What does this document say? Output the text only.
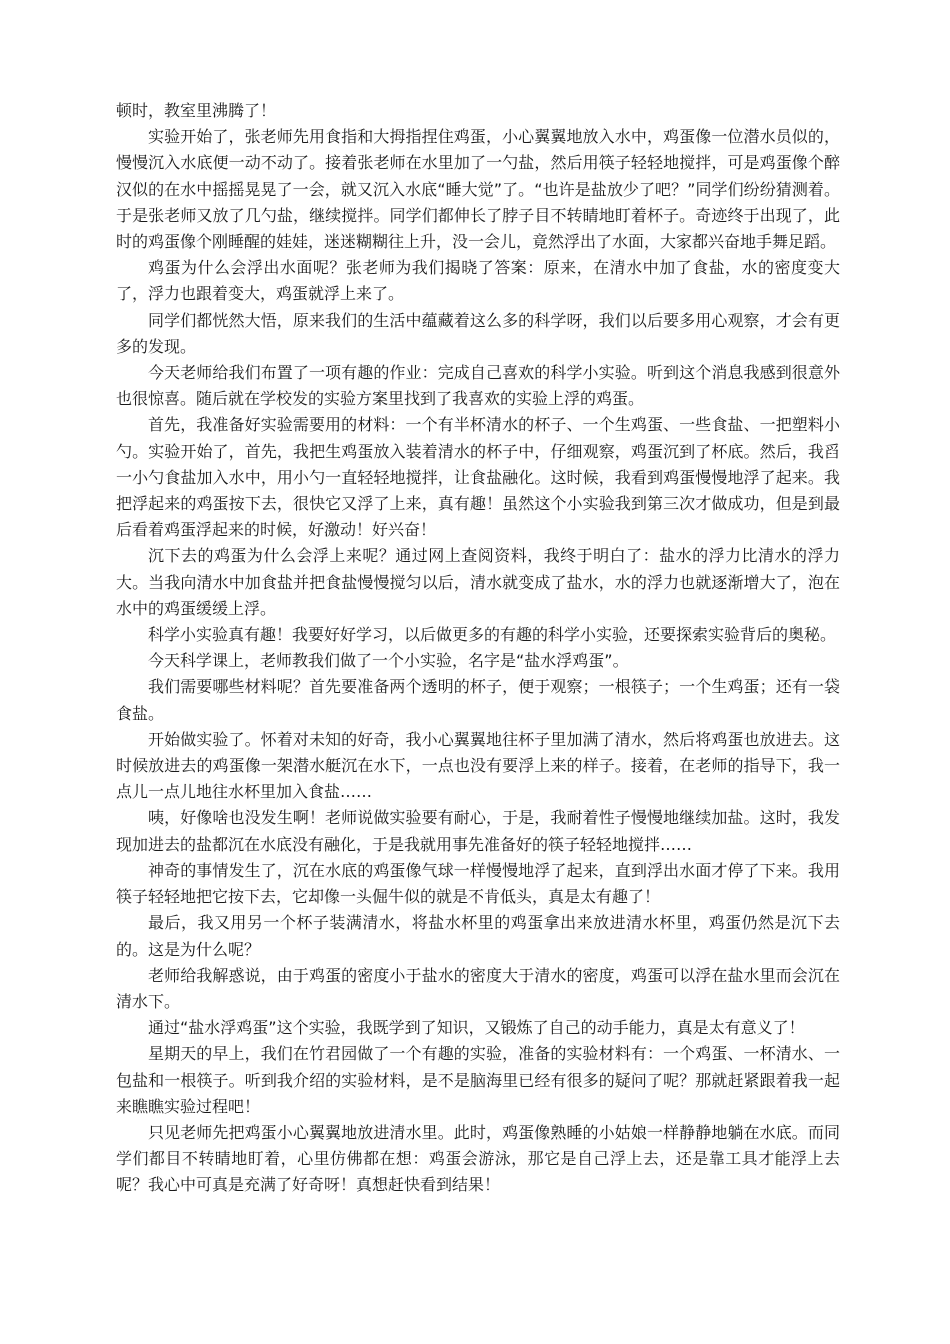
顿时，教室里沸腾了！

实验开始了，张老师先用食指和大拇指捏住鸡蛋，小心翼翼地放入水中，鸡蛋像一位潜水员似的，慢慢沉入水底便一动不动了。接着张老师在水里加了一勺盐，然后用筷子轻轻地搅拌，可是鸡蛋像个醉汉似的在水中摇摇晃晃了一会，就又沉入水底“睡大觉”了。“也许是盐放少了吧？”同学们纷纷猜测着。于是张老师又放了几勺盐，继续搅拌。同学们都伸长了脖子目不转睛地盯着杯子。奇迹终于出现了，此时的鸡蛋像个刚睡醒的娃娃，迷迷糊糊往上升，没一会儿，竟然浮出了水面，大家都兴奋地手舞足蹈。

鸡蛋为什么会浮出水面呢？张老师为我们揭晓了答案：原来，在清水中加了食盐，水的密度变大了，浮力也跟着变大，鸡蛋就浮上来了。

同学们都恍然大悟，原来我们的生活中蕴藏着这么多的科学呀，我们以后要多用心观察，才会有更多的发现。

今天老师给我们布置了一项有趣的作业：完成自己喜欢的科学小实验。听到这个消息我感到很意外也很惊喜。随后就在学校发的实验方案里找到了我喜欢的实验上浮的鸡蛋。

首先，我准备好实验需要用的材料：一个有半杯清水的杯子、一个生鸡蛋、一些食盐、一把塑料小勺。实验开始了，首先，我把生鸡蛋放入装着清水的杯子中，仔细观察，鸡蛋沉到了杯底。然后，我舀一小勺食盐加入水中，用小勺一直轻轻地搅拌，让食盐融化。这时候，我看到鸡蛋慢慢地浮了起来。我把浮起来的鸡蛋按下去，很快它又浮了上来，真有趣！虽然这个小实验我到第三次才做成功，但是到最后看着鸡蛋浮起来的时候，好激动！好兴奋！

沉下去的鸡蛋为什么会浮上来呢？通过网上查阅资料，我终于明白了：盐水的浮力比清水的浮力大。当我向清水中加食盐并把食盐慢慢搅匀以后，清水就变成了盐水，水的浮力也就逐渐增大了，泡在水中的鸡蛋缓缓上浮。

科学小实验真有趣！我要好好学习，以后做更多的有趣的科学小实验，还要探索实验背后的奥秘。

今天科学课上，老师教我们做了一个小实验，名字是“盐水浮鸡蛋”。

我们需要哪些材料呢？首先要准备两个透明的杯子，便于观察；一根筷子；一个生鸡蛋；还有一袋食盐。

开始做实验了。怀着对未知的好奇，我小心翼翼地往杯子里加满了清水，然后将鸡蛋也放进去。这时候放进去的鸡蛋像一架潜水艇沉在水下，一点也没有要浮上来的样子。接着，在老师的指导下，我一点儿一点儿地往水杯里加入食盐……

咦，好像啥也没发生啊！老师说做实验要有耐心，于是，我耐着性子慢慢地继续加盐。这时，我发现加进去的盐都沉在水底没有融化，于是我就用事先准备好的筷子轻轻地搅拌……

神奇的事情发生了，沉在水底的鸡蛋像气球一样慢慢地浮了起来，直到浮出水面才停了下来。我用筷子轻轻地把它按下去，它却像一头倔牛似的就是不肯低头，真是太有趣了！

最后，我又用另一个杯子装满清水，将盐水杯里的鸡蛋拿出来放进清水杯里，鸡蛋仍然是沉下去的。这是为什么呢？

老师给我解惑说，由于鸡蛋的密度小于盐水的密度大于清水的密度，鸡蛋可以浮在盐水里而会沉在清水下。

通过“盐水浮鸡蛋”这个实验，我既学到了知识，又锻炼了自己的动手能力，真是太有意义了！

星期天的早上，我们在竹君园做了一个有趣的实验，准备的实验材料有：一个鸡蛋、一杯清水、一包盐和一根筷子。听到我介绍的实验材料，是不是脑海里已经有很多的疑问了呢？那就赶紧跟着我一起来瞧瞧实验过程吧！

只见老师先把鸡蛋小心翼翼地放进清水里。此时，鸡蛋像熟睡的小姑娘一样静静地躺在水底。而同学们都目不转睛地盯着，心里仿佛都在想：鸡蛋会游泳，那它是自己浮上去，还是靠工具才能浮上去呢？我心中可真是充满了好奇呀！真想赶快看到结果！
